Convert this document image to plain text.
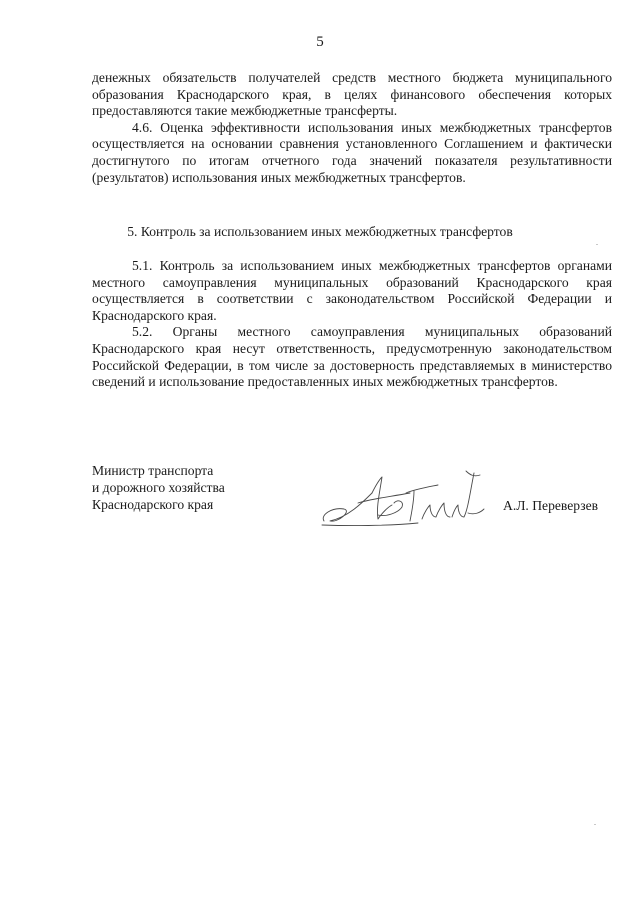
5

денежных обязательств получателей средств местного бюджета муниципального образования Краснодарского края, в целях финансового обеспечения которых предоставляются такие межбюджетные трансферты.

4.6. Оценка эффективности использования иных межбюджетных трансфертов осуществляется на основании сравнения установленного Соглашением и фактически достигнутого по итогам отчетного года значений показателя результативности (результатов) использования иных межбюджетных трансфертов.

5. Контроль за использованием иных межбюджетных трансфертов

5.1. Контроль за использованием иных межбюджетных трансфертов органами местного самоуправления муниципальных образований Краснодарского края осуществляется в соответствии с законодательством Российской Федерации и Краснодарского края.

5.2. Органы местного самоуправления муниципальных образований Краснодарского края несут ответственность, предусмотренную законодательством Российской Федерации, в том числе за достоверность представляемых в министерство сведений и использование предоставленных иных межбюджетных трансфертов.

Министр транспорта
и дорожного хозяйства
Краснодарского края	А.Л. Переверзев
